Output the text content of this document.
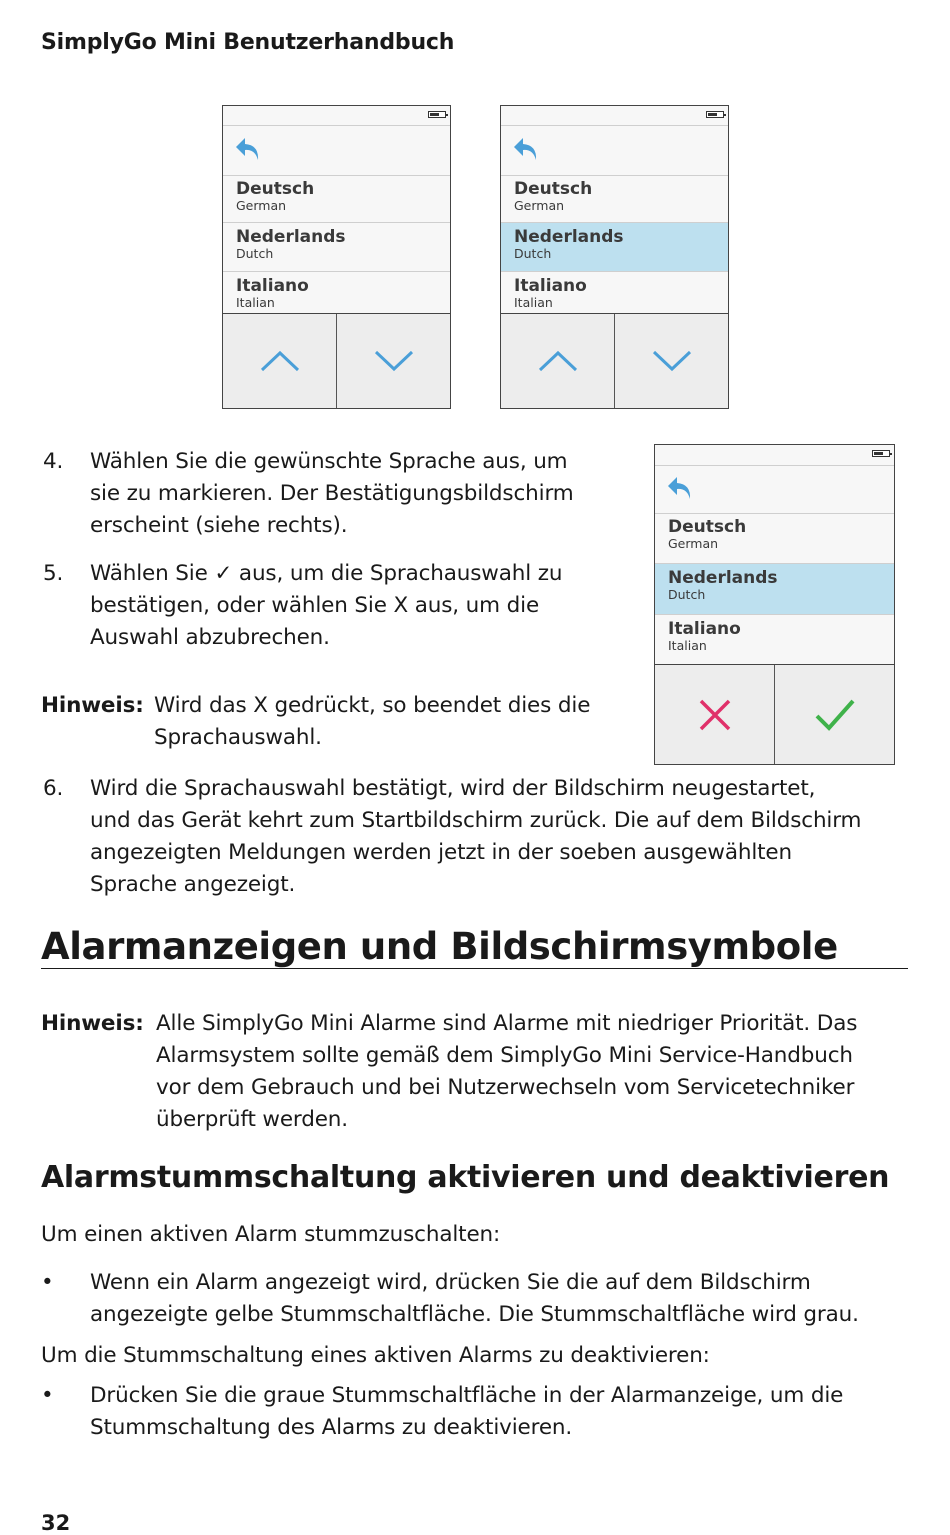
SimplyGo Mini Benutzerhandbuch
Deutsch
German
Nederlands
Dutch
Italiano
Italian
Deutsch
German
Nederlands
Dutch
Italiano
Italian
Deutsch
German
Nederlands
Dutch
Italiano
Italian
4. Wählen Sie die gewünschte Sprache aus, um
sie zu markieren. Der Bestätigungsbildschirm
erscheint (siehe rechts).
5. Wählen Sie ✓ aus, um die Sprachauswahl zu
bestätigen, oder wählen Sie X aus, um die
Auswahl abzubrechen.
Hinweis: Wird das X gedrückt, so beendet dies die
Sprachauswahl.
6. Wird die Sprachauswahl bestätigt, wird der Bildschirm neugestartet,
und das Gerät kehrt zum Startbildschirm zurück. Die auf dem Bildschirm
angezeigten Meldungen werden jetzt in der soeben ausgewählten
Sprache angezeigt.
Alarmanzeigen und Bildschirmsymbole
Hinweis: Alle SimplyGo Mini Alarme sind Alarme mit niedriger Priorität. Das
Alarmsystem sollte gemäß dem SimplyGo Mini Service-Handbuch
vor dem Gebrauch und bei Nutzerwechseln vom Servicetechniker
überprüft werden.
Alarmstummschaltung aktivieren und deaktivieren
Um einen aktiven Alarm stummzuschalten:
• Wenn ein Alarm angezeigt wird, drücken Sie die auf dem Bildschirm
angezeigte gelbe Stummschaltfläche. Die Stummschaltfläche wird grau.
Um die Stummschaltung eines aktiven Alarms zu deaktivieren:
• Drücken Sie die graue Stummschaltfläche in der Alarmanzeige, um die
Stummschaltung des Alarms zu deaktivieren.
32
